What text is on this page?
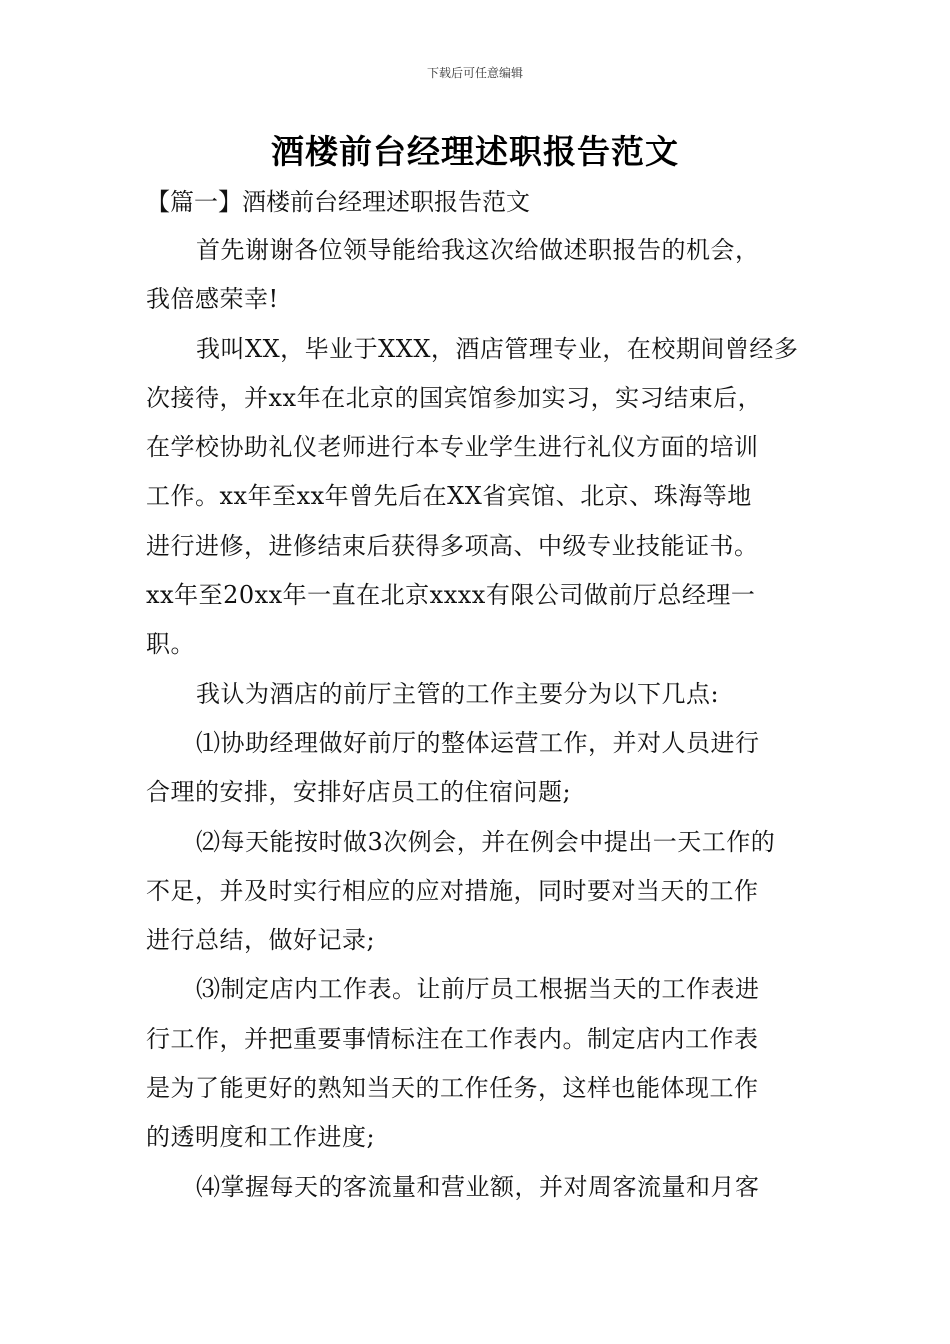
下载后可任意编辑
酒楼前台经理述职报告范文
【篇一】酒楼前台经理述职报告范文

首先谢谢各位领导能给我这次给做述职报告的机会，
我倍感荣幸!

我叫XX，毕业于XXX，酒店管理专业，在校期间曾经多
次接待，并xx年在北京的国宾馆参加实习，实习结束后，
在学校协助礼仪老师进行本专业学生进行礼仪方面的培训
工作。xx年至xx年曾先后在XX省宾馆、北京、珠海等地
进行进修，进修结束后获得多项高、中级专业技能证书。
xx年至20xx年一直在北京xxxx有限公司做前厅总经理一
职。

我认为酒店的前厅主管的工作主要分为以下几点:

⑴协助经理做好前厅的整体运营工作，并对人员进行
合理的安排，安排好店员工的住宿问题;

⑵每天能按时做3次例会，并在例会中提出一天工作的
不足，并及时实行相应的应对措施，同时要对当天的工作
进行总结，做好记录;

⑶制定店内工作表。让前厅员工根据当天的工作表进
行工作，并把重要事情标注在工作表内。制定店内工作表
是为了能更好的熟知当天的工作任务，这样也能体现工作
的透明度和工作进度;

⑷掌握每天的客流量和营业额，并对周客流量和月客
